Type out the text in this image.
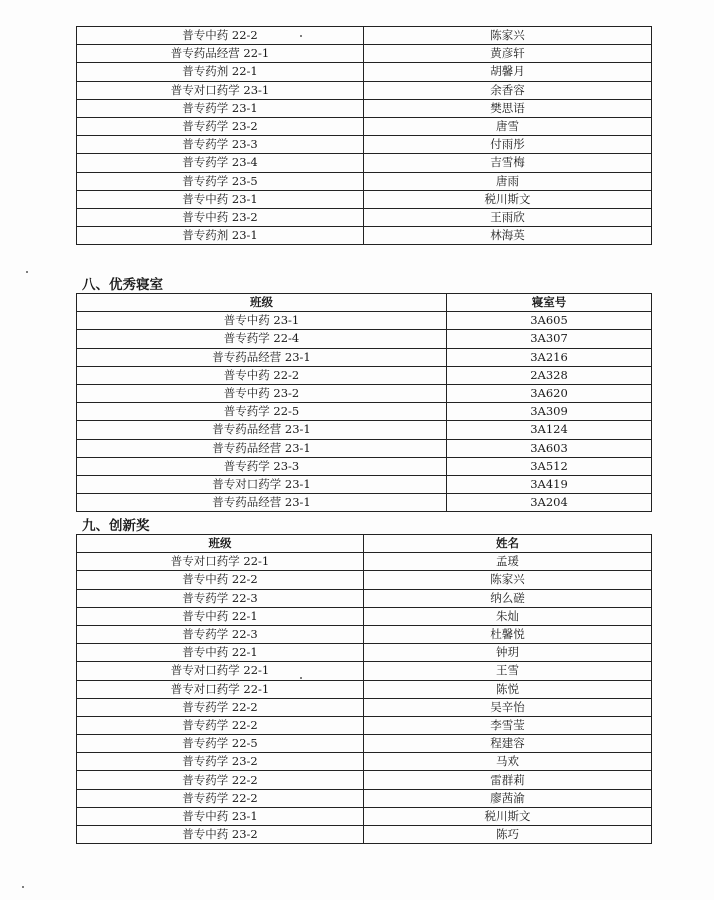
普专中药 22-2	陈家兴
普专药品经营 22-1	黄彦轩
普专药剂 22-1	胡馨月
普专对口药学 23-1	余香容
普专药学 23-1	樊思语
普专药学 23-2	唐雪
普专药学 23-3	付雨彤
普专药学 23-4	吉雪梅
普专药学 23-5	唐雨
普专中药 23-1	税川斯文
普专中药 23-2	王雨欣
普专药剂 23-1	林海英
八、优秀寝室
班级	寝室号
普专中药 23-1	3A605
普专药学 22-4	3A307
普专药品经营 23-1	3A216
普专中药 22-2	2A328
普专中药 23-2	3A620
普专药学 22-5	3A309
普专药品经营 23-1	3A124
普专药品经营 23-1	3A603
普专药学 23-3	3A512
普专对口药学 23-1	3A419
普专药品经营 23-1	3A204
九、创新奖
班级	姓名
普专对口药学 22-1	孟瑗
普专中药 22-2	陈家兴
普专药学 22-3	纳么磋
普专中药 22-1	朱灿
普专药学 22-3	杜馨悦
普专中药 22-1	钟玥
普专对口药学 22-1	王雪
普专对口药学 22-1	陈悦
普专药学 22-2	吴辛怡
普专药学 22-2	李雪莹
普专药学 22-5	程建容
普专药学 23-2	马欢
普专药学 22-2	雷群莉
普专药学 22-2	廖茜渝
普专中药 23-1	税川斯文
普专中药 23-2	陈巧
